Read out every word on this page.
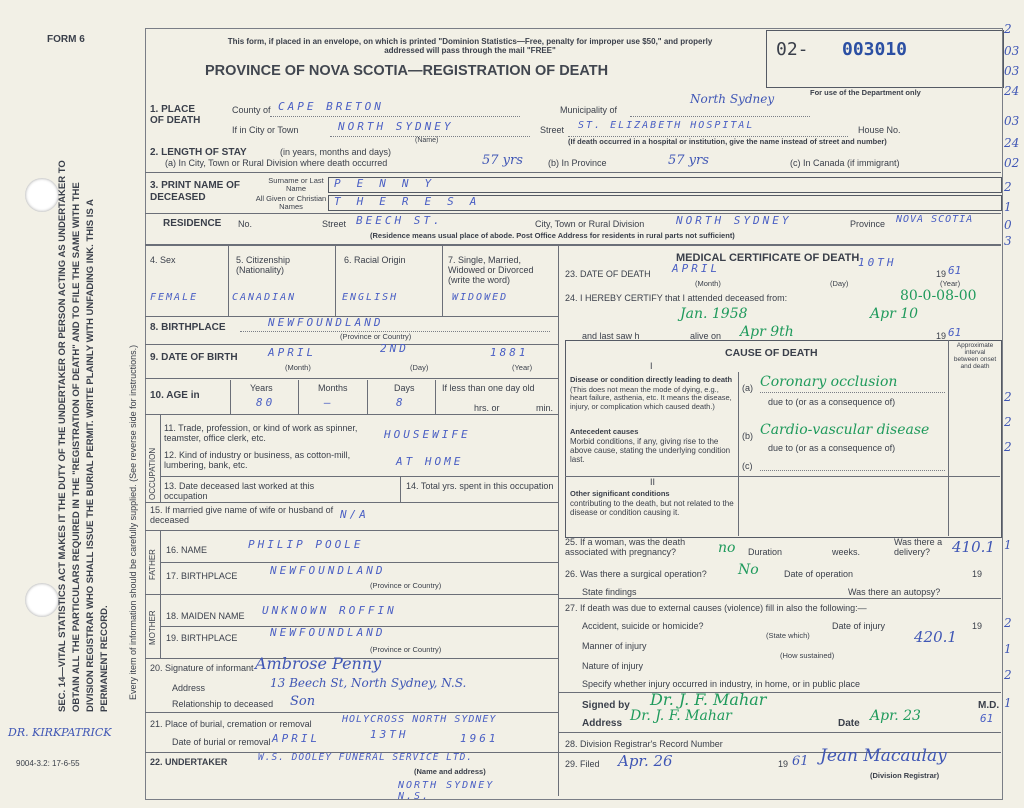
FORM 6
SEC. 14—VITAL STATISTICS ACT MAKES IT THE DUTY OF THE UNDERTAKER OR PERSON ACTING AS UNDERTAKER TO OBTAIN ALL THE PARTICULARS REQUIRED IN THE "REGISTRATION OF DEATH" AND TO FILE THE SAME WITH THE DIVISION REGISTRAR WHO SHALL ISSUE THE BURIAL PERMIT. WRITE PLAINLY WITH UNFADING INK. THIS IS A PERMANENT RECORD. Every item of information should be carefully supplied. (See reverse side for instructions.)
DR. KIRKPATRICK
9004-3.2: 17-6-55
This form, if placed in an envelope, on which is printed "Dominion Statistics—Free, penalty for improper use $50," and properly addressed will pass through the mail "FREE"
PROVINCE OF NOVA SCOTIA—REGISTRATION OF DEATH
02- 003010
For use of the Department only
2
03
03
24
03
24
02
2
1
0
3
2
2
2
1
2
1
2
1
1. PLACE OF DEATH
County of CAPE BRETON	Municipality of
North Sydney
If in City or Town	NORTH SYDNEY
(Name)
Street ST. ELIZABETH HOSPITAL	House No.
(If death occurred in a hospital or institution, give the name instead of street and number)
2. LENGTH OF STAY	(in years, months and days)
(a) In City, Town or Rural Division where death occurred	57 yrs	(b) In Province	57 yrs	(c) In Canada (if immigrant)
3. PRINT NAME OF DECEASED
Surname or Last Name	PENNY
All Given or Christian Names	THERESA
RESIDENCE No.	Street BEECH ST.	City, Town or Rural Division	NORTH SYDNEY	Province NOVA SCOTIA
(Residence means usual place of abode. Post Office Address for residents in rural parts not sufficient)
4. Sex	5. Citizenship (Nationality)
6. Racial Origin	7. Single, Married, Widowed or Divorced (write the word)
FEMALE	CANADIAN	ENGLISH	WIDOWED
8. BIRTHPLACE	NEWFOUNDLAND
(Province or Country)
9. DATE OF BIRTH	APRIL	2ND	1881
(Month)	(Day)	(Year)
10. AGE in
Years	Months	Days	If less than one day old
80	—	8	hrs. or	min.
OCCUPATION
11. Trade, profession, or kind of work as spinner, teamster, office clerk, etc.	HOUSEWIFE
12. Kind of industry or business, as cotton-mill, lumbering, bank, etc.	AT HOME
13. Date deceased last worked at this occupation
14. Total yrs. spent in this occupation
15. If married give name of wife or husband of deceased	N/A
FATHER
MOTHER
16. NAME	PHILIP POOLE
17. BIRTHPLACE	NEWFOUNDLAND
(Province or Country)
18. MAIDEN NAME UNKNOWN ROFFIN
19. BIRTHPLACE	NEWFOUNDLAND
(Province or Country)
20. Signature of informant Ambrose Penny
Address	13 Beech St, North Sydney, N.S.
Relationship to deceased Son
21. Place of burial, cremation or removal	HOLYCROSS NORTH SYDNEY
Date of burial or removal APRIL	13TH	1961
22. UNDERTAKER	W.S. DOOLEY FUNERAL SERVICE LTD.
(Name and address)
NORTH SYDNEY N.S.
MEDICAL CERTIFICATE OF DEATH
23. DATE OF DEATH APRIL	10TH
19 61
(Month)	(Day)	(Year)
24. I HEREBY CERTIFY that I attended deceased from:	80-0-08-00
Jan. 1958	Apr 10
and last saw h	alive on Apr 9th	19 61
CAUSE OF DEATH
I
Approximate interval between onset and death
Disease or condition directly leading to death
(This does not mean the mode of dying, e.g., heart failure, asthenia, etc. It means the disease, injury, or complication which caused death.)
(a) Coronary occlusion
due to (or as a consequence of)
Antecedent causes
Morbid conditions, if any, giving rise to the above cause, stating the underlying condition last.
(b) Cardio-vascular disease
due to (or as a consequence of)
(c)
II
Other significant conditions
contributing to the death, but not related to the disease or condition causing it.
25. If a woman, was the death associated with pregnancy?	no Duration	weeks.
Was there a delivery?	410.1
26. Was there a surgical operation? No	Date of operation	19
State findings	Was there an autopsy?
27. If death was due to external causes (violence) fill in also the following:—
Accident, suicide or homicide?
(State which)
Date of injury	19
Manner of injury	420.1
(How sustained)
Nature of injury
Specify whether injury occurred in industry, in home, or in public place
Signed by Dr. J. F. Mahar	M.D.
Address Dr. J. F. Mahar	Date Apr. 23	61
28. Division Registrar's Record Number
29. Filed Apr. 26	19 61 Jean Macaulay
(Division Registrar)
